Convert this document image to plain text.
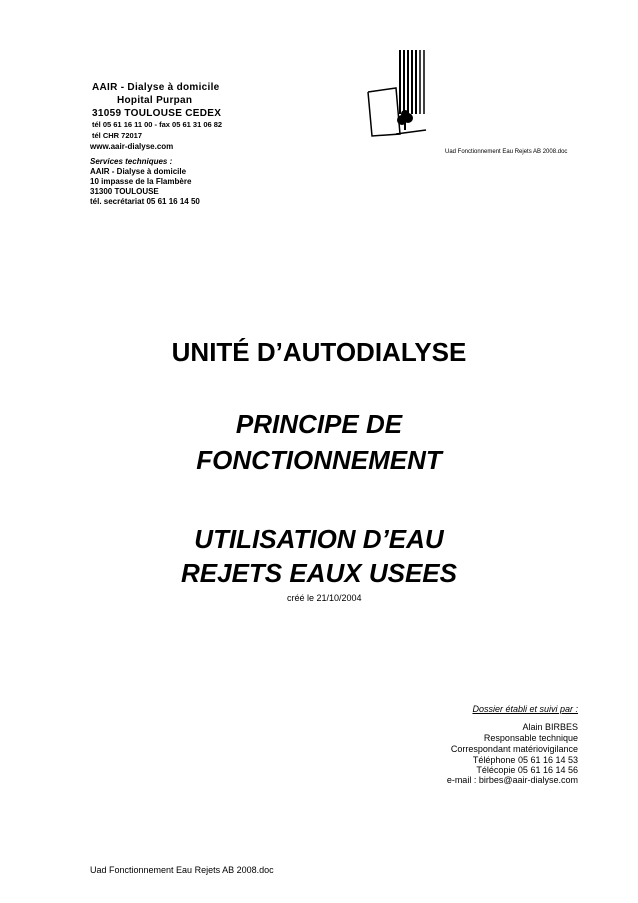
AAIR - Dialyse à domicile
Hopital Purpan
31059 TOULOUSE CEDEX
tél 05 61 16 11 00 - fax 05 61 31 06 82
tél CHR 72017
www.aair-dialyse.com
Services techniques :
AAIR - Dialyse à domicile
10 impasse de la Flambère
31300 TOULOUSE
tél. secrétariat 05 61 16 14 50
Uad Fonctionnement Eau Rejets AB 2008.doc
UNITÉ D’AUTODIALYSE
PRINCIPE DE
FONCTIONNEMENT
UTILISATION D’EAU
REJETS EAUX USEES
créé le 21/10/2004
Dossier établi et suivi par :
Alain BIRBES
Responsable technique
Correspondant matériovigilance
Téléphone 05 61 16 14 53
Télécopie 05 61 16 14 56
e-mail : birbes@aair-dialyse.com
Uad Fonctionnement Eau Rejets AB 2008.doc
